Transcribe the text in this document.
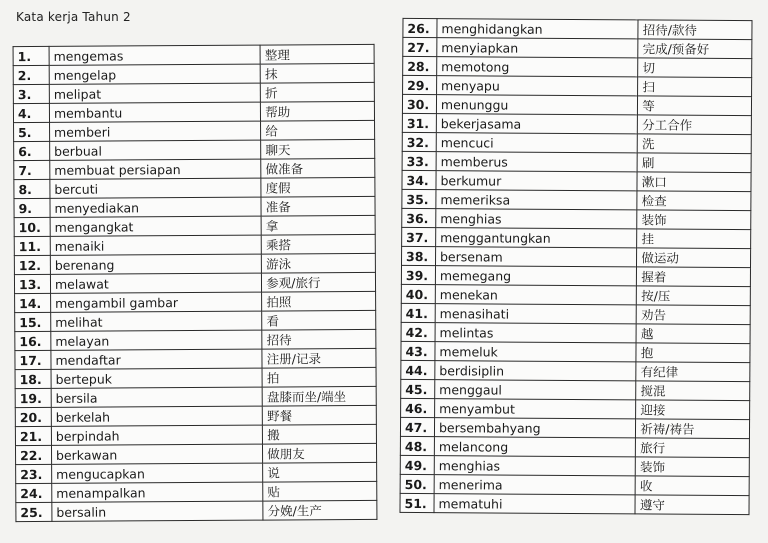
Kata kerja Tahun 2
1.	mengemas	整理
2.	mengelap	抹
3.	melipat	折
4.	membantu	帮助
5.	memberi	给
6.	berbual	聊天
7.	membuat persiapan	做准备
8.	bercuti	度假
9.	menyediakan	准备
10.	mengangkat	拿
11.	menaiki	乘搭
12.	berenang	游泳
13.	melawat	参观/旅行
14.	mengambil gambar	拍照
15.	melihat	看
16.	melayan	招待
17.	mendaftar	注册/记录
18.	bertepuk	拍
19.	bersila	盘膝而坐/端坐
20.	berkelah	野餐
21.	berpindah	搬
22.	berkawan	做朋友
23.	mengucapkan	说
24.	menampalkan	贴
25.	bersalin	分娩/生产
26.	menghidangkan	招待/款待
27.	menyiapkan	完成/预备好
28.	memotong	切
29.	menyapu	扫
30.	menunggu	等
31.	bekerjasama	分工合作
32.	mencuci	洗
33.	memberus	刷
34.	berkumur	漱口
35.	memeriksa	检查
36.	menghias	装饰
37.	menggantungkan	挂
38.	bersenam	做运动
39.	memegang	握着
40.	menekan	按/压
41.	menasihati	劝告
42.	melintas	越
43.	memeluk	抱
44.	berdisiplin	有纪律
45.	menggaul	搅混
46.	menyambut	迎接
47.	bersembahyang	祈祷/祷告
48.	melancong	旅行
49.	menghias	装饰
50.	menerima	收
51.	mematuhi	遵守
